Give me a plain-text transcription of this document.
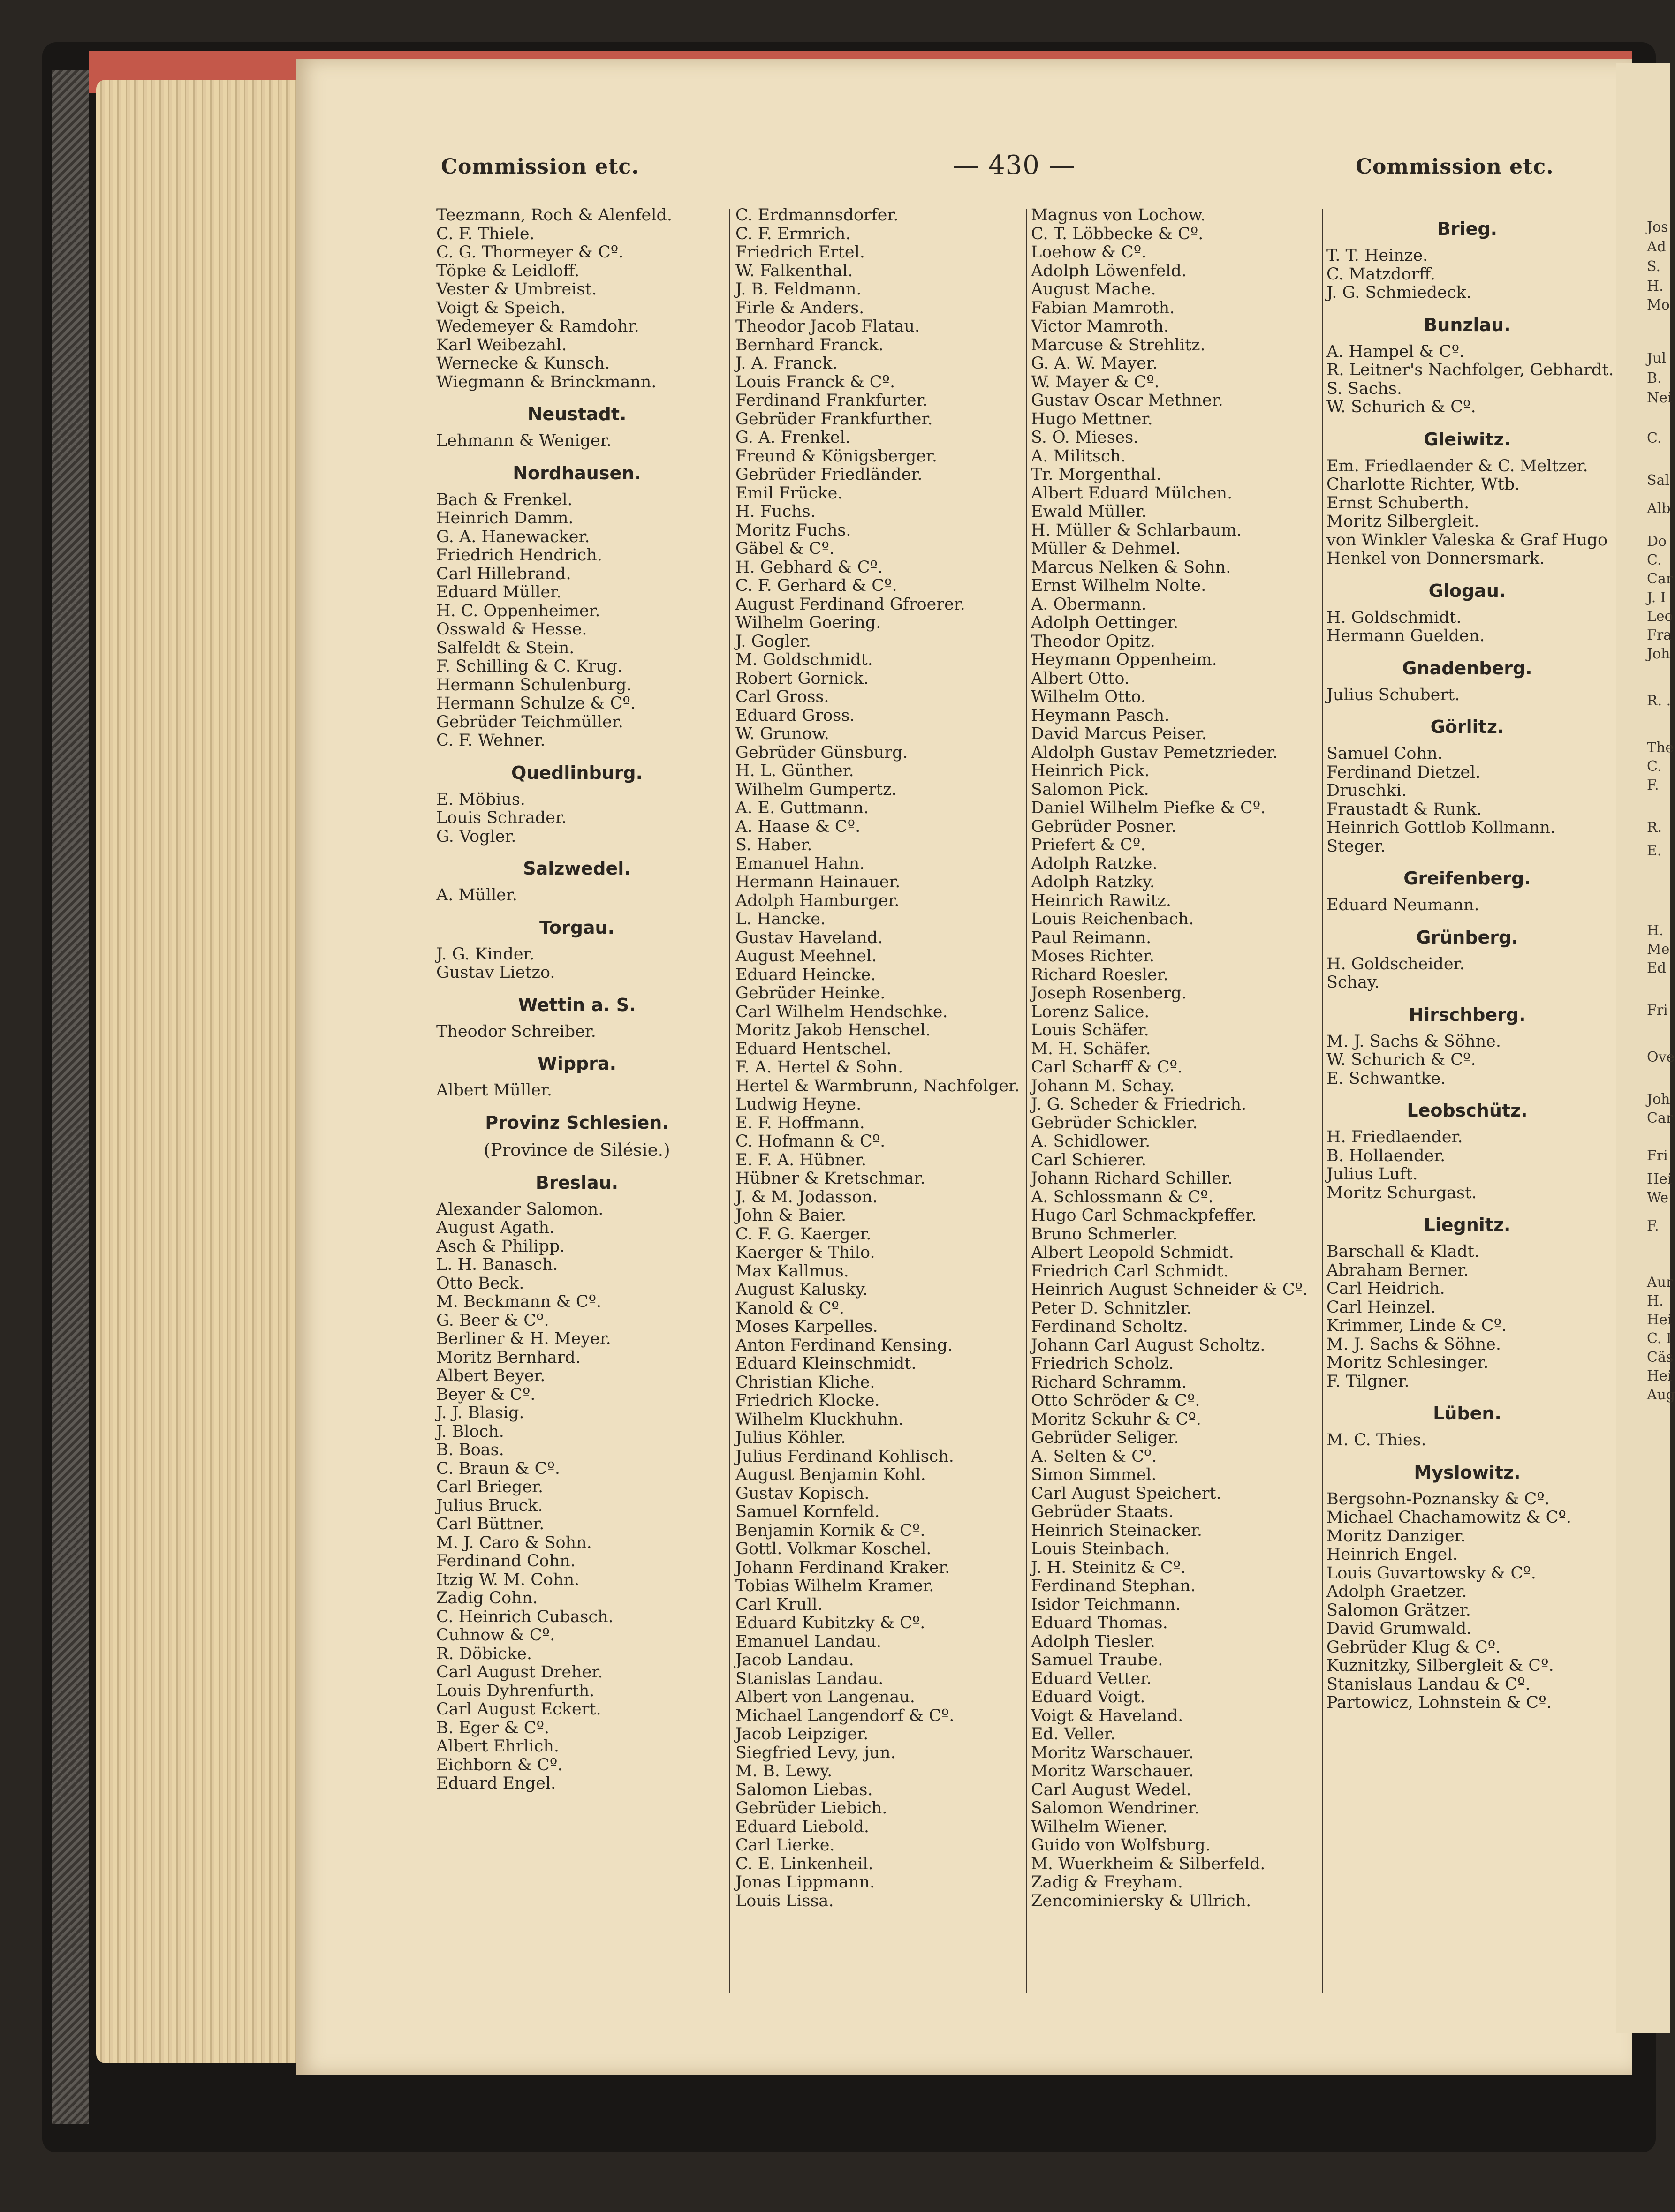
Commission etc.	— 430 —	Commission etc.
Teezmann, Roch & Alenfeld.
C. F. Thiele.
C. G. Thormeyer & Cº.
Töpke & Leidloff.
Vester & Umbreist.
Voigt & Speich.
Wedemeyer & Ramdohr.
Karl Weibezahl.
Wernecke & Kunsch.
Wiegmann & Brinckmann.
Neustadt.
Lehmann & Weniger.
Nordhausen.
Bach & Frenkel.
Heinrich Damm.
G. A. Hanewacker.
Friedrich Hendrich.
Carl Hillebrand.
Eduard Müller.
H. C. Oppenheimer.
Osswald & Hesse.
Salfeldt & Stein.
F. Schilling & C. Krug.
Hermann Schulenburg.
Hermann Schulze & Cº.
Gebrüder Teichmüller.
C. F. Wehner.
Quedlinburg.
E. Möbius.
Louis Schrader.
G. Vogler.
Salzwedel.
A. Müller.
Torgau.
J. G. Kinder.
Gustav Lietzo.
Wettin a. S.
Theodor Schreiber.
Wippra.
Albert Müller.
Provinz Schlesien.
(Province de Silésie.)
Breslau.
Alexander Salomon.
August Agath.
Asch & Philipp.
L. H. Banasch.
Otto Beck.
M. Beckmann & Cº.
G. Beer & Cº.
Berliner & H. Meyer.
Moritz Bernhard.
Albert Beyer.
Beyer & Cº.
J. J. Blasig.
J. Bloch.
B. Boas.
C. Braun & Cº.
Carl Brieger.
Julius Bruck.
Carl Büttner.
M. J. Caro & Sohn.
Ferdinand Cohn.
Itzig W. M. Cohn.
Zadig Cohn.
C. Heinrich Cubasch.
Cuhnow & Cº.
R. Döbicke.
Carl August Dreher.
Louis Dyhrenfurth.
Carl August Eckert.
B. Eger & Cº.
Albert Ehrlich.
Eichborn & Cº.
Eduard Engel.
C. Erdmannsdorfer.
C. F. Ermrich.
Friedrich Ertel.
W. Falkenthal.
J. B. Feldmann.
Firle & Anders.
Theodor Jacob Flatau.
Bernhard Franck.
J. A. Franck.
Louis Franck & Cº.
Ferdinand Frankfurter.
Gebrüder Frankfurther.
G. A. Frenkel.
Freund & Königsberger.
Gebrüder Friedländer.
Emil Frücke.
H. Fuchs.
Moritz Fuchs.
Gäbel & Cº.
H. Gebhard & Cº.
C. F. Gerhard & Cº.
August Ferdinand Gfroerer.
Wilhelm Goering.
J. Gogler.
M. Goldschmidt.
Robert Gornick.
Carl Gross.
Eduard Gross.
W. Grunow.
Gebrüder Günsburg.
H. L. Günther.
Wilhelm Gumpertz.
A. E. Guttmann.
A. Haase & Cº.
S. Haber.
Emanuel Hahn.
Hermann Hainauer.
Adolph Hamburger.
L. Hancke.
Gustav Haveland.
August Meehnel.
Eduard Heincke.
Gebrüder Heinke.
Carl Wilhelm Hendschke.
Moritz Jakob Henschel.
Eduard Hentschel.
F. A. Hertel & Sohn.
Hertel & Warmbrunn, Nachfolger.
Ludwig Heyne.
E. F. Hoffmann.
C. Hofmann & Cº.
E. F. A. Hübner.
Hübner & Kretschmar.
J. & M. Jodasson.
John & Baier.
C. F. G. Kaerger.
Kaerger & Thilo.
Max Kallmus.
August Kalusky.
Kanold & Cº.
Moses Karpelles.
Anton Ferdinand Kensing.
Eduard Kleinschmidt.
Christian Kliche.
Friedrich Klocke.
Wilhelm Kluckhuhn.
Julius Köhler.
Julius Ferdinand Kohlisch.
August Benjamin Kohl.
Gustav Kopisch.
Samuel Kornfeld.
Benjamin Kornik & Cº.
Gottl. Volkmar Koschel.
Johann Ferdinand Kraker.
Tobias Wilhelm Kramer.
Carl Krull.
Eduard Kubitzky & Cº.
Emanuel Landau.
Jacob Landau.
Stanislas Landau.
Albert von Langenau.
Michael Langendorf & Cº.
Jacob Leipziger.
Siegfried Levy, jun.
M. B. Lewy.
Salomon Liebas.
Gebrüder Liebich.
Eduard Liebold.
Carl Lierke.
C. E. Linkenheil.
Jonas Lippmann.
Louis Lissa.
Magnus von Lochow.
C. T. Löbbecke & Cº.
Loehow & Cº.
Adolph Löwenfeld.
August Mache.
Fabian Mamroth.
Victor Mamroth.
Marcuse & Strehlitz.
G. A. W. Mayer.
W. Mayer & Cº.
Gustav Oscar Methner.
Hugo Mettner.
S. O. Mieses.
A. Militsch.
Tr. Morgenthal.
Albert Eduard Mülchen.
Ewald Müller.
H. Müller & Schlarbaum.
Müller & Dehmel.
Marcus Nelken & Sohn.
Ernst Wilhelm Nolte.
A. Obermann.
Adolph Oettinger.
Theodor Opitz.
Heymann Oppenheim.
Albert Otto.
Wilhelm Otto.
Heymann Pasch.
David Marcus Peiser.
Aldolph Gustav Pemetzrieder.
Heinrich Pick.
Salomon Pick.
Daniel Wilhelm Piefke & Cº.
Gebrüder Posner.
Priefert & Cº.
Adolph Ratzke.
Adolph Ratzky.
Heinrich Rawitz.
Louis Reichenbach.
Paul Reimann.
Moses Richter.
Richard Roesler.
Joseph Rosenberg.
Lorenz Salice.
Louis Schäfer.
M. H. Schäfer.
Carl Scharff & Cº.
Johann M. Schay.
J. G. Scheder & Friedrich.
Gebrüder Schickler.
A. Schidlower.
Carl Schierer.
Johann Richard Schiller.
A. Schlossmann & Cº.
Hugo Carl Schmackpfeffer.
Bruno Schmerler.
Albert Leopold Schmidt.
Friedrich Carl Schmidt.
Heinrich August Schneider & Cº.
Peter D. Schnitzler.
Ferdinand Scholtz.
Johann Carl August Scholtz.
Friedrich Scholz.
Richard Schramm.
Otto Schröder & Cº.
Moritz Sckuhr & Cº.
Gebrüder Seliger.
A. Selten & Cº.
Simon Simmel.
Carl August Speichert.
Gebrüder Staats.
Heinrich Steinacker.
Louis Steinbach.
J. H. Steinitz & Cº.
Ferdinand Stephan.
Isidor Teichmann.
Eduard Thomas.
Adolph Tiesler.
Samuel Traube.
Eduard Vetter.
Eduard Voigt.
Voigt & Haveland.
Ed. Veller.
Moritz Warschauer.
Moritz Warschauer.
Carl August Wedel.
Salomon Wendriner.
Wilhelm Wiener.
Guido von Wolfsburg.
M. Wuerkheim & Silberfeld.
Zadig & Freyham.
Zencominiersky & Ullrich.
Brieg.
T. T. Heinze.
C. Matzdorff.
J. G. Schmiedeck.
Bunzlau.
A. Hampel & Cº.
R. Leitner's Nachfolger, Gebhardt.
S. Sachs.
W. Schurich & Cº.
Gleiwitz.
Em. Friedlaender & C. Meltzer.
Charlotte Richter, Wtb.
Ernst Schuberth.
Moritz Silbergleit.
von Winkler Valeska & Graf Hugo
Henkel von Donnersmark.
Glogau.
H. Goldschmidt.
Hermann Guelden.
Gnadenberg.
Julius Schubert.
Görlitz.
Samuel Cohn.
Ferdinand Dietzel.
Druschki.
Fraustadt & Runk.
Heinrich Gottlob Kollmann.
Steger.
Greifenberg.
Eduard Neumann.
Grünberg.
H. Goldscheider.
Schay.
Hirschberg.
M. J. Sachs & Söhne.
W. Schurich & Cº.
E. Schwantke.
Leobschütz.
H. Friedlaender.
B. Hollaender.
Julius Luft.
Moritz Schurgast.
Liegnitz.
Barschall & Kladt.
Abraham Berner.
Carl Heidrich.
Carl Heinzel.
Krimmer, Linde & Cº.
M. J. Sachs & Söhne.
Moritz Schlesinger.
F. Tilgner.
Lüben.
M. C. Thies.
Myslowitz.
Bergsohn-Poznansky & Cº.
Michael Chachamowitz & Cº.
Moritz Danziger.
Heinrich Engel.
Louis Guvartowsky & Cº.
Adolph Graetzer.
Salomon Grätzer.
David Grumwald.
Gebrüder Klug & Cº.
Kuznitzky, Silbergleit & Cº.
Stanislaus Landau & Cº.
Partowicz, Lohnstein & Cº.
Jos
Ad
S.
H.
Mo
Jul
B.
Nei
C.
Sal
Alb
Do
C.
Car
J. I
Leo
Fra
Joh
R. .
The
C.
F.
R.
E.
H.
Me
Ed
Fri
Ove
Joh
Car
Fri
Hei
We
F.
Aur
H.
Hei
C. I
Cäs
Hei
Aug
